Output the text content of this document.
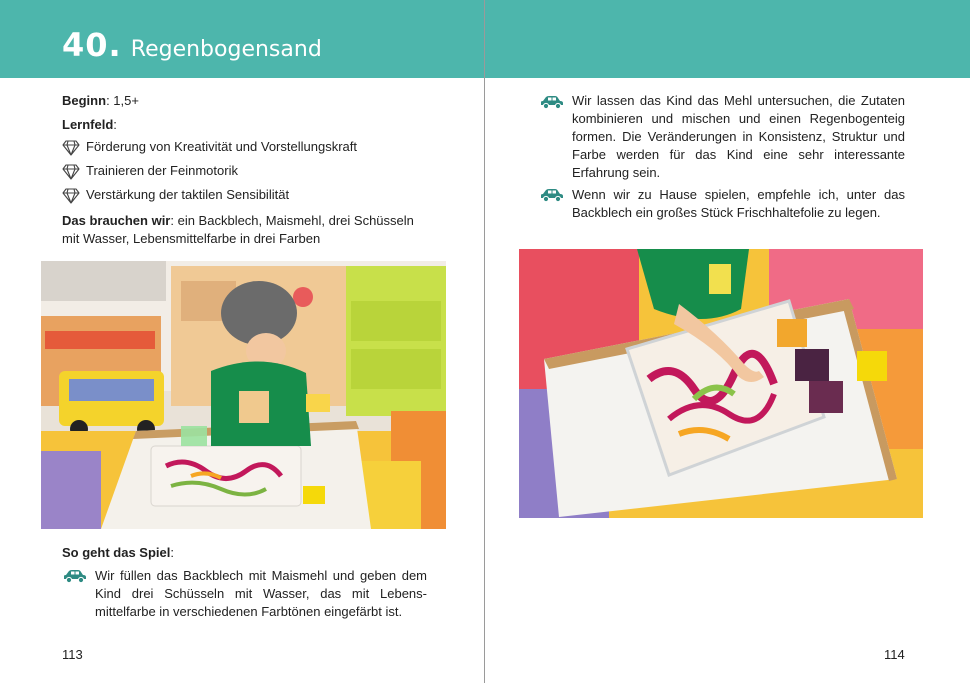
40. Regenbogensand
Beginn: 1,5+
Lernfeld:
Förderung von Kreativität und Vorstellungskraft
Trainieren der Feinmotorik
Verstärkung der taktilen Sensibilität
Das brauchen wir: ein Backblech, Maismehl, drei Schüsseln
mit Wasser, Lebensmittelfarbe in drei Farben
So geht das Spiel:
Wir füllen das Backblech mit Maismehl und geben dem Kind drei Schüsseln mit Wasser, das mit Lebens- mittelfarbe in verschiedenen Farbtönen eingefärbt ist.
113
Wir lassen das Kind das Mehl untersuchen, die Zutaten kombinieren und mischen und einen Regenbogenteig formen. Die Veränderungen in Konsistenz, Struktur und Farbe werden für das Kind eine sehr interessante Erfahrung sein.
Wenn wir zu Hause spielen, empfehle ich, unter das Backblech ein großes Stück Frischhaltefolie zu legen.
114
